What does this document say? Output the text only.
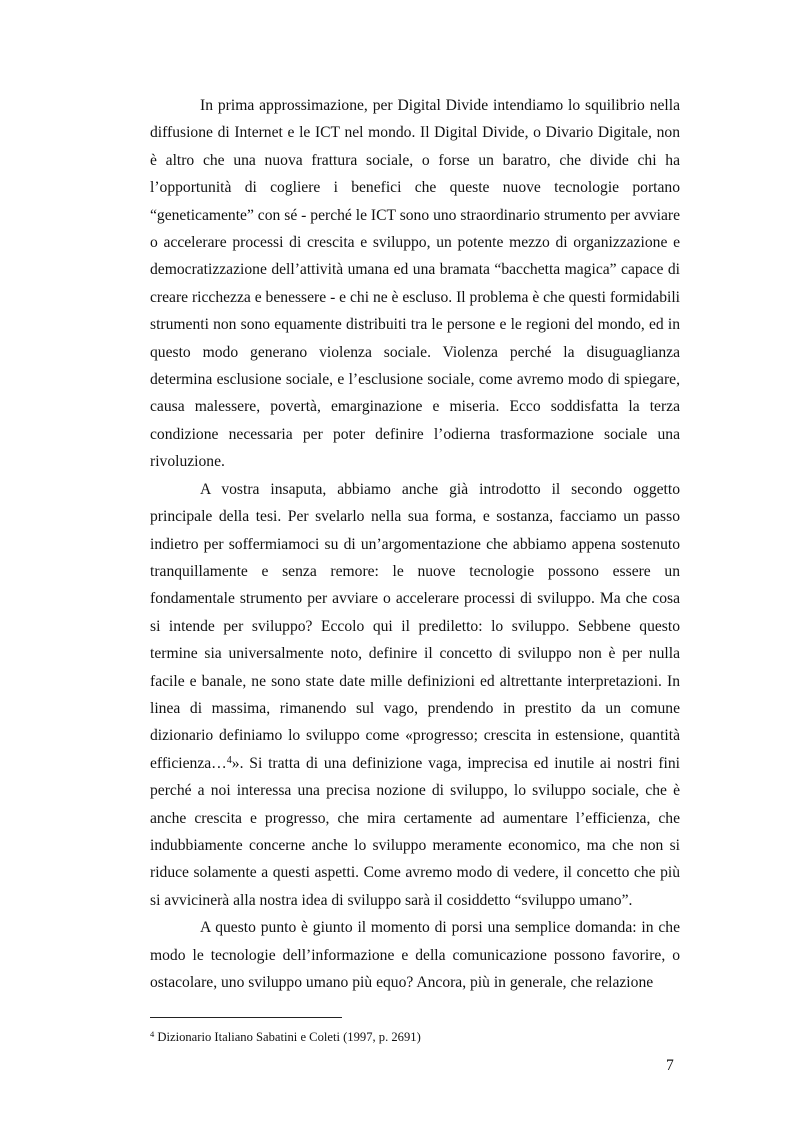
In prima approssimazione, per Digital Divide intendiamo lo squilibrio nella diffusione di Internet e le ICT nel mondo. Il Digital Divide, o Divario Digitale, non è altro che una nuova frattura sociale, o forse un baratro, che divide chi ha l’opportunità di cogliere i benefici che queste nuove tecnologie portano “geneticamente” con sé - perché le ICT sono uno straordinario strumento per avviare o accelerare processi di crescita e sviluppo, un potente mezzo di organizzazione e democratizzazione dell’attività umana ed una bramata “bacchetta magica” capace di creare ricchezza e benessere - e chi ne è escluso. Il problema è che questi formidabili strumenti non sono equamente distribuiti tra le persone e le regioni del mondo, ed in questo modo generano violenza sociale. Violenza perché la disuguaglianza determina esclusione sociale, e l’esclusione sociale, come avremo modo di spiegare, causa malessere, povertà, emarginazione e miseria. Ecco soddisfatta la terza condizione necessaria per poter definire l’odierna trasformazione sociale una rivoluzione.

A vostra insaputa, abbiamo anche già introdotto il secondo oggetto principale della tesi. Per svelarlo nella sua forma, e sostanza, facciamo un passo indietro per soffermiamoci su di un’argomentazione che abbiamo appena sostenuto tranquillamente e senza remore: le nuove tecnologie possono essere un fondamentale strumento per avviare o accelerare processi di sviluppo. Ma che cosa si intende per sviluppo? Eccolo qui il prediletto: lo sviluppo. Sebbene questo termine sia universalmente noto, definire il concetto di sviluppo non è per nulla facile e banale, ne sono state date mille definizioni ed altrettante interpretazioni. In linea di massima, rimanendo sul vago, prendendo in prestito da un comune dizionario definiamo lo sviluppo come «progresso; crescita in estensione, quantità efficienza…$^4$». Si tratta di una definizione vaga, imprecisa ed inutile ai nostri fini perché a noi interessa una precisa nozione di sviluppo, lo sviluppo sociale, che è anche crescita e progresso, che mira certamente ad aumentare l’efficienza, che indubbiamente concerne anche lo sviluppo meramente economico, ma che non si riduce solamente a questi aspetti. Come avremo modo di vedere, il concetto che più si avvicinerà alla nostra idea di sviluppo sarà il cosiddetto “sviluppo umano”.

A questo punto è giunto il momento di porsi una semplice domanda: in che modo le tecnologie dell’informazione e della comunicazione possono favorire, o ostacolare, uno sviluppo umano più equo? Ancora, più in generale, che relazione

$^4$ Dizionario Italiano Sabatini e Coleti (1997, p. 2691)
7
